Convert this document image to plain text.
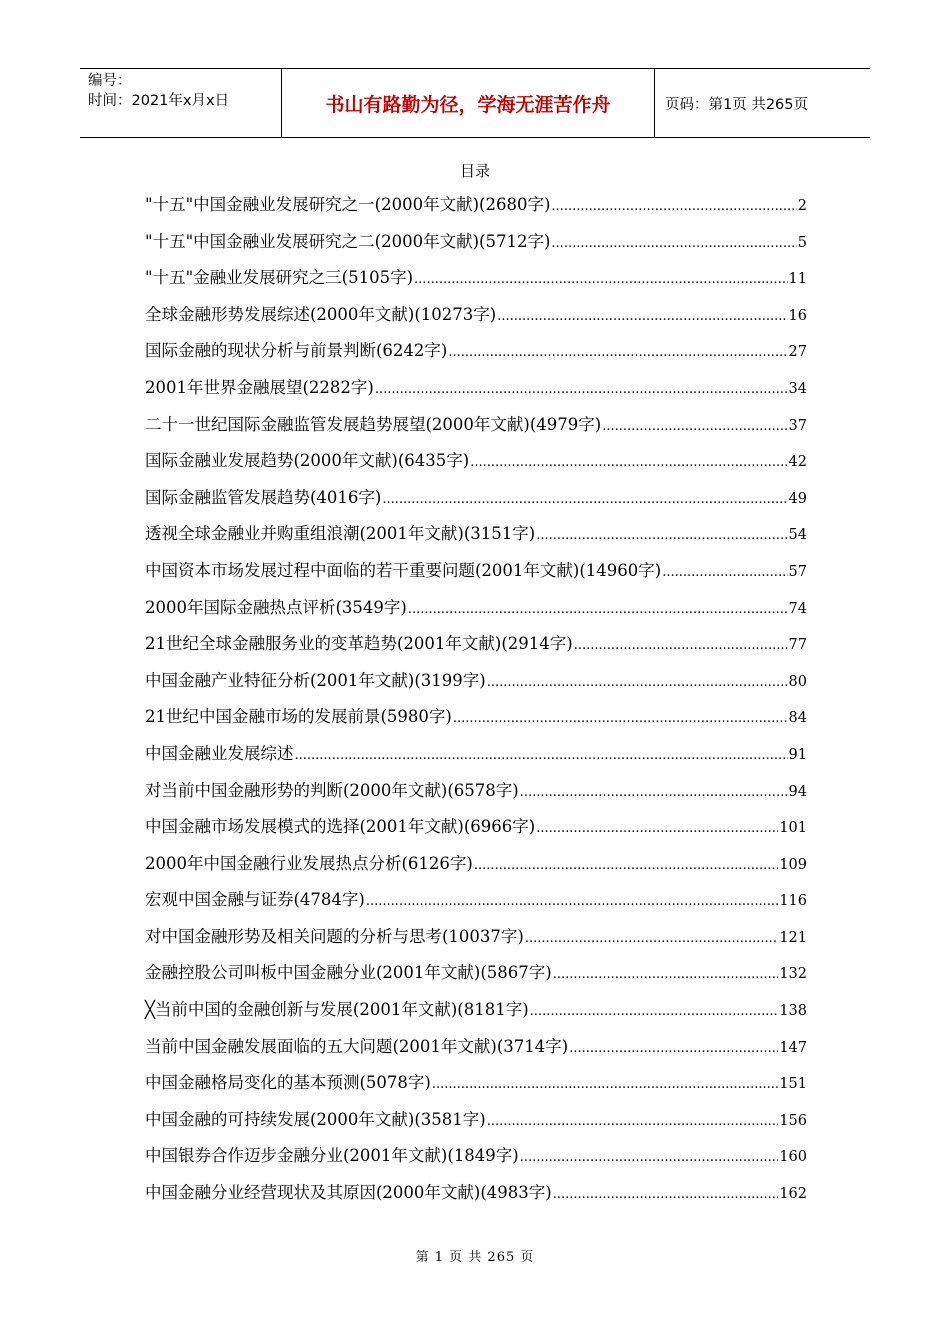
编号：
时间：2021年x月x日	书山有路勤为径，学海无涯苦作舟	页码：第1页 共265页
目录
"十五"中国金融业发展研究之一(2000年文献)(2680字) .....	2
"十五"中国金融业发展研究之二(2000年文献)(5712字) .....	5
"十五"金融业发展研究之三(5105字) .....	11
全球金融形势发展综述(2000年文献)(10273字) .....	16
国际金融的现状分析与前景判断(6242字) .....	27
2001年世界金融展望(2282字) .....	34
二十一世纪国际金融监管发展趋势展望(2000年文献)(4979字) .....	37
国际金融业发展趋势(2000年文献)(6435字) .....	42
国际金融监管发展趋势(4016字) .....	49
透视全球金融业并购重组浪潮(2001年文献)(3151字) .....	54
中国资本市场发展过程中面临的若干重要问题(2001年文献)(14960字) .....	57
2000年国际金融热点评析(3549字) .....	74
21世纪全球金融服务业的变革趋势(2001年文献)(2914字) .....	77
中国金融产业特征分析(2001年文献)(3199字) .....	80
21世纪中国金融市场的发展前景(5980字) .....	84
中国金融业发展综述 .....	91
对当前中国金融形势的判断(2000年文献)(6578字) .....	94
中国金融市场发展模式的选择(2001年文献)(6966字) .....	101
2000年中国金融行业发展热点分析(6126字) .....	109
宏观中国金融与证券(4784字) .....	116
对中国金融形势及相关问题的分析与思考(10037字) .....	121
金融控股公司叫板中国金融分业(2001年文献)(5867字) .....	132
╳当前中国的金融创新与发展(2001年文献)(8181字) .....	138
当前中国金融发展面临的五大问题(2001年文献)(3714字) .....	147
中国金融格局变化的基本预测(5078字) .....	151
中国金融的可持续发展(2000年文献)(3581字) .....	156
中国银券合作迈步金融分业(2001年文献)(1849字) .....	160
中国金融分业经营现状及其原因(2000年文献)(4983字) .....	162
第 1 页 共 265 页
